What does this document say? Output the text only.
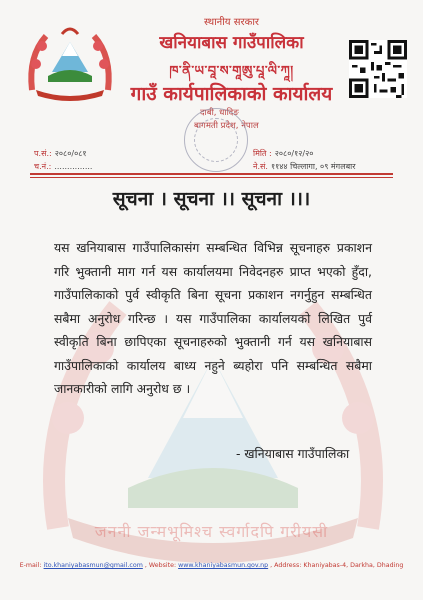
स्थानीय सरकार
खनियाबास गाउँपालिका
ཁ་ནི་ཡ་བཱ་ས་གཱཨུ་པཱ་ལི་ཀཱ།
गाउँ कार्यपालिकाको कार्यालय
दाबी, धादिङ
बागमती प्रदेश, नेपाल
प.सं.: २०८०/०८१
च.नं.: ...............
मिति : २०८०/१२/२०
ने.सं. ११४४ चिल्लागा, ०९ मंगलबार
जननी जन्मभूमिश्च स्वर्गादपि गरीयसी
सूचना । सूचना ।। सूचना ।।।
यस खनियाबास गाउँपालिकासंग सम्बन्धित विभिन्न सूचनाहरु प्रकाशन गरि भुक्तानी माग गर्न यस कार्यालयमा निवेदनहरु प्राप्त भएको हुँदा, गाउँपालिकाको पुर्व स्वीकृति बिना सूचना प्रकाशन नगर्नुहुन सम्बन्धित सबैमा अनुरोध गरिन्छ । यस गाउँपालिका कार्यालयको लिखित पुर्व स्वीकृति बिना छापिएका सूचनाहरुको भुक्तानी गर्न यस खनियाबास गाउँपालिकाको कार्यालय बाध्य नहुने ब्यहोरा पनि सम्बन्धित सबैमा जानकारीको लागि अनुरोध छ ।
- खनियाबास गाउँपालिका
E-mail: ito.khaniyabasmun@gmail.com , Website: www.khaniyabasmun.gov.np , Address: Khaniyabas-4, Darkha, Dhading
